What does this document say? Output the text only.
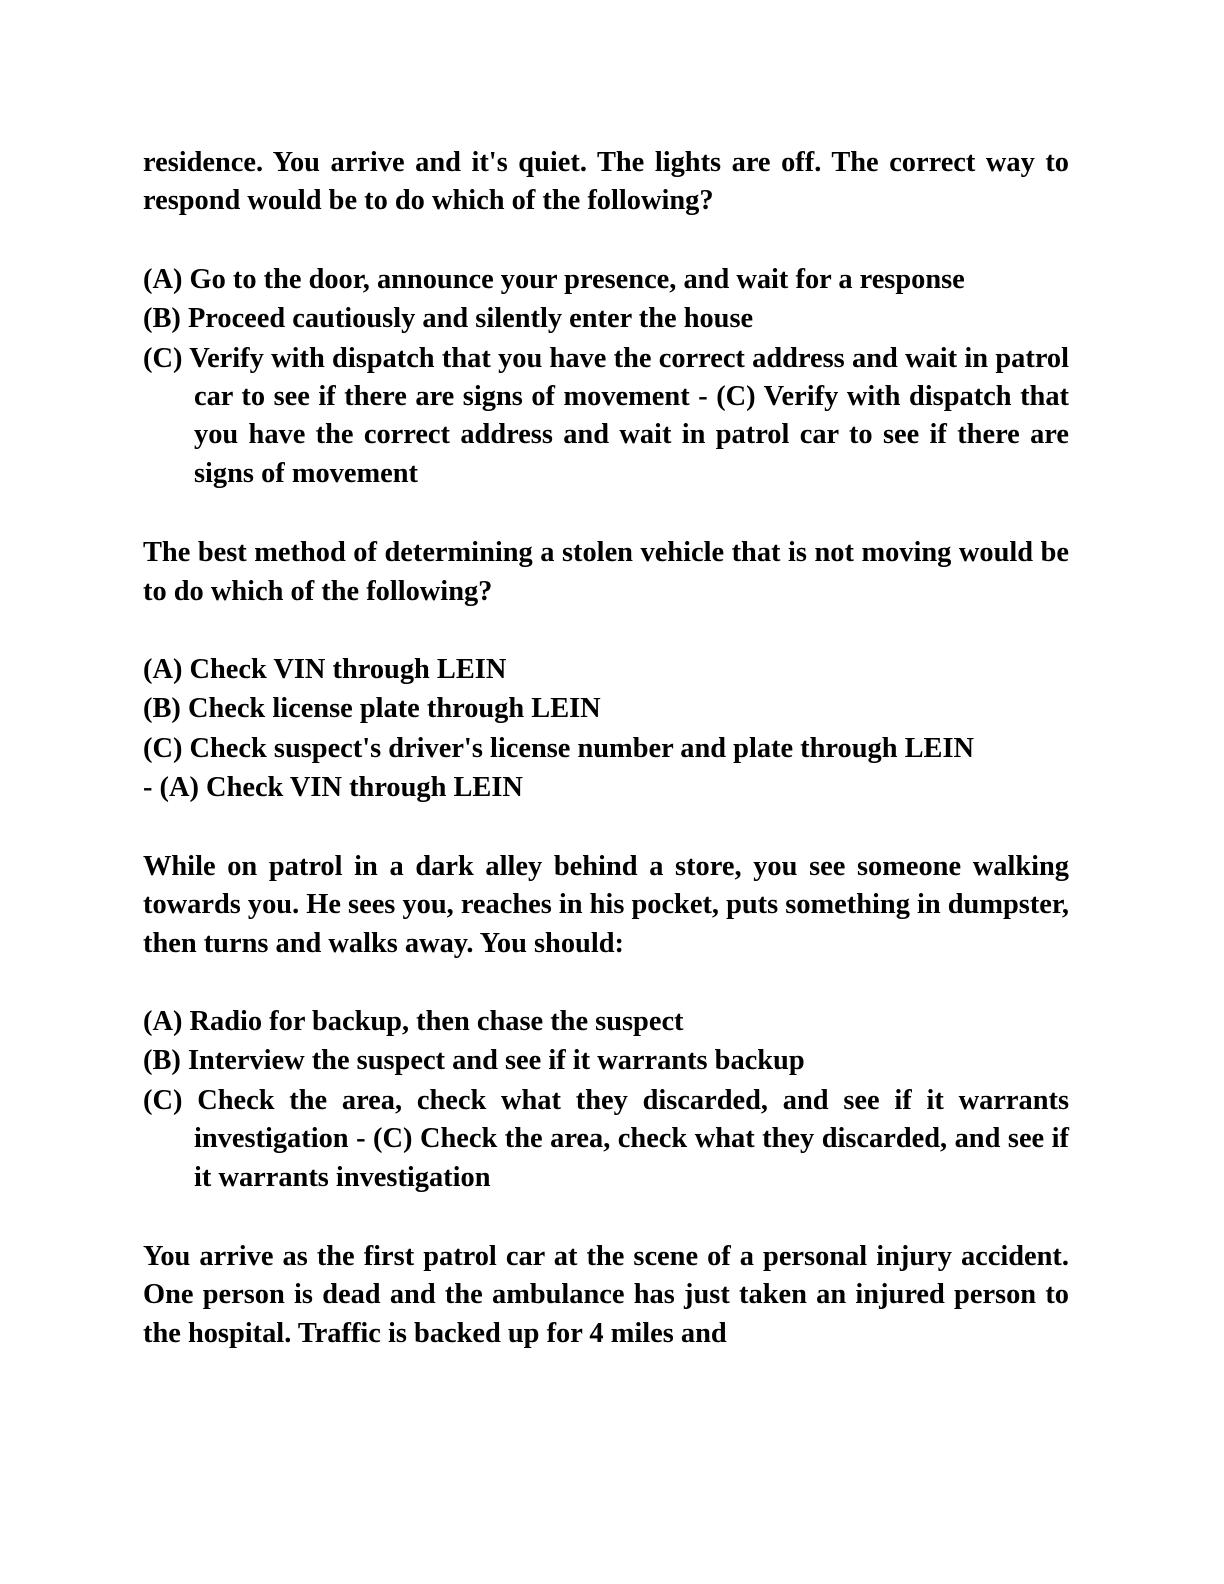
residence. You arrive and it's quiet. The lights are off. The correct way to respond would be to do which of the following?

(A) Go to the door, announce your presence, and wait for a response
(B) Proceed cautiously and silently enter the house
(C) Verify with dispatch that you have the correct address and wait in patrol car to see if there are signs of movement - (C) Verify with dispatch that you have the correct address and wait in patrol car to see if there are signs of movement

The best method of determining a stolen vehicle that is not moving would be to do which of the following?

(A) Check VIN through LEIN
(B) Check license plate through LEIN
(C) Check suspect's driver's license number and plate through LEIN

- (A) Check VIN through LEIN

While on patrol in a dark alley behind a store, you see someone walking towards you. He sees you, reaches in his pocket, puts something in dumpster, then turns and walks away. You should:

(A) Radio for backup, then chase the suspect
(B) Interview the suspect and see if it warrants backup
(C) Check the area, check what they discarded, and see if it warrants investigation - (C) Check the area, check what they discarded, and see if it warrants investigation

You arrive as the first patrol car at the scene of a personal injury accident. One person is dead and the ambulance has just taken an injured person to the hospital. Traffic is backed up for 4 miles and
